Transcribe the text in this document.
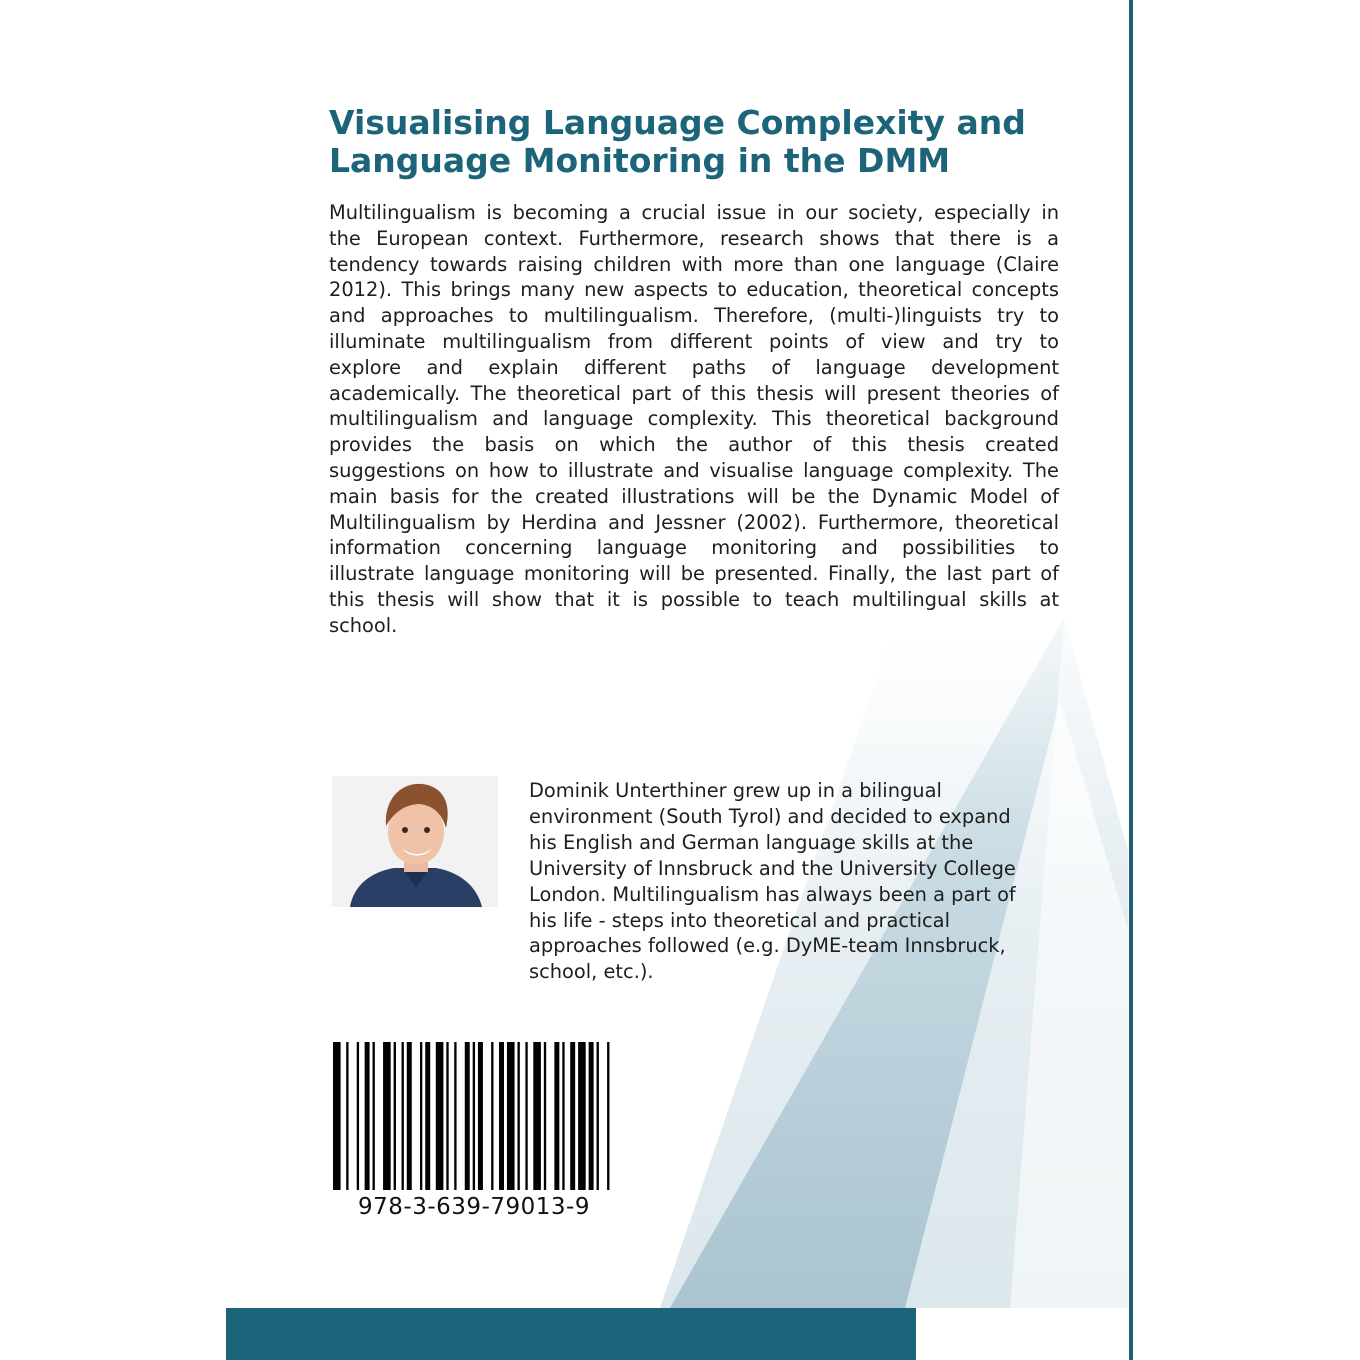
Visualising Language Complexity and
Language Monitoring in the DMM
Multilingualism is becoming a crucial issue in our society, especially in
the European context. Furthermore, research shows that there is a
tendency towards raising children with more than one language (Claire
2012). This brings many new aspects to education, theoretical concepts
and approaches to multilingualism. Therefore, (multi-)linguists try to
illuminate multilingualism from different points of view and try to
explore and explain different paths of language development
academically. The theoretical part of this thesis will present theories of
multilingualism and language complexity. This theoretical background
provides the basis on which the author of this thesis created
suggestions on how to illustrate and visualise language complexity. The
main basis for the created illustrations will be the Dynamic Model of
Multilingualism by Herdina and Jessner (2002). Furthermore, theoretical
information concerning language monitoring and possibilities to
illustrate language monitoring will be presented. Finally, the last part of
this thesis will show that it is possible to teach multilingual skills at
school.
Dominik Unterthiner grew up in a bilingual
environment (South Tyrol) and decided to expand
his English and German language skills at the
University of Innsbruck and the University College
London. Multilingualism has always been a part of
his life - steps into theoretical and practical
approaches followed (e.g. DyME-team Innsbruck,
school, etc.).
978-3-639-79013-9
